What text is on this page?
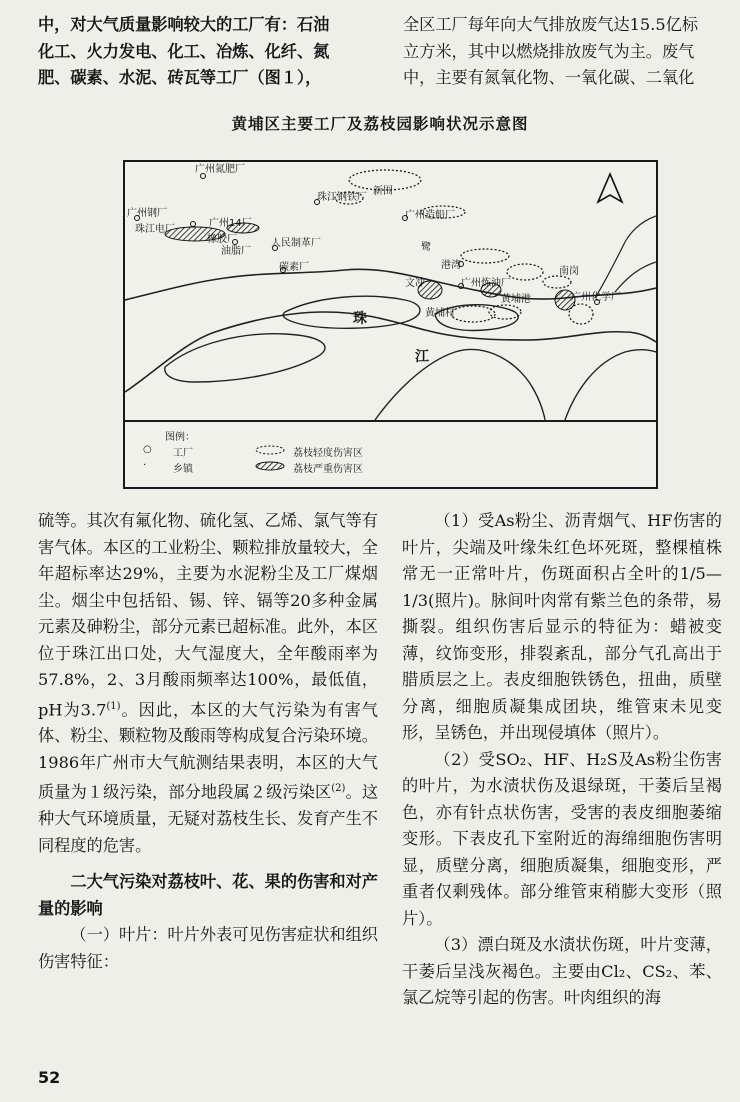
中，对大气质量影响较大的工厂有：石油
化工、火力发电、化工、冶炼、化纤、氮
肥、碳素、水泥、砖瓦等工厂（图１），
全区工厂每年向大气排放废气达15.5亿标
立方米，其中以燃烧排放废气为主。废气
中，主要有氮氧化物、一氧化碳、二氧化
黄埔区主要工厂及荔枝园影响状况示意图
广州氮肥厂
珠江钢铁厂
新围
广州造船厂
鹭
广州钢厂
珠江电厂
广州14厂
橡胶厂
油脂厂
人民制革厂
碳素厂
文冲
黄埔村
广州炼油厂
黄埔港
港湾
南岗
广州化学厂
珠
江
图例：
○ 工厂
·	乡镇
荔枝轻度伤害区
荔枝严重伤害区

硫等。其次有氟化物、硫化氢、乙烯、氯气等有害气体。本区的工业粉尘、颗粒排放量较大，全年超标率达29%，主要为水泥粉尘及工厂煤烟尘。烟尘中包括铅、锡、锌、镉等20多种金属元素及砷粉尘，部分元素已超标准。此外，本区位于珠江出口处，大气湿度大，全年酸雨率为57.8%，2、3月酸雨频率达100%，最低值，pH为3.7$^{(1)}$。因此，本区的大气污染为有害气体、粉尘、颗粒物及酸雨等构成复合污染环境。1986年广州市大气航测结果表明，本区的大气质量为１级污染，部分地段属２级污染区$^{(2)}$。这种大气环境质量，无疑对荔枝生长、发育产生不同程度的危害。

二大气污染对荔枝叶、花、果的伤害和对产量的影响

（一）叶片：叶片外表可见伤害症状和组织伤害特征：

（1）受As粉尘、沥青烟气、HF伤害的叶片，尖端及叶缘朱红色坏死斑，整棵植株常无一正常叶片，伤斑面积占全叶的1/5—1/3(照片)。脉间叶肉常有紫兰色的条带，易撕裂。组织伤害后显示的特征为：蜡被变薄，纹饰变形，排裂紊乱，部分气孔高出于腊质层之上。表皮细胞铁锈色，扭曲，质壁分离，细胞质凝集成团块，维管束未见变形，呈锈色，并出现侵填体（照片）。

（2）受SO₂、HF、H₂S及As粉尘伤害的叶片，为水渍状伤及退绿斑，干萎后呈褐色，亦有针点状伤害，受害的表皮细胞萎缩变形。下表皮孔下室附近的海绵细胞伤害明显，质壁分离，细胞质凝集，细胞变形，严重者仅剩残体。部分维管束稍膨大变形（照片）。

（3）漂白斑及水渍状伤斑，叶片变薄，干萎后呈浅灰褐色。主要由Cl₂、CS₂、苯、氯乙烷等引起的伤害。叶肉组织的海

52
